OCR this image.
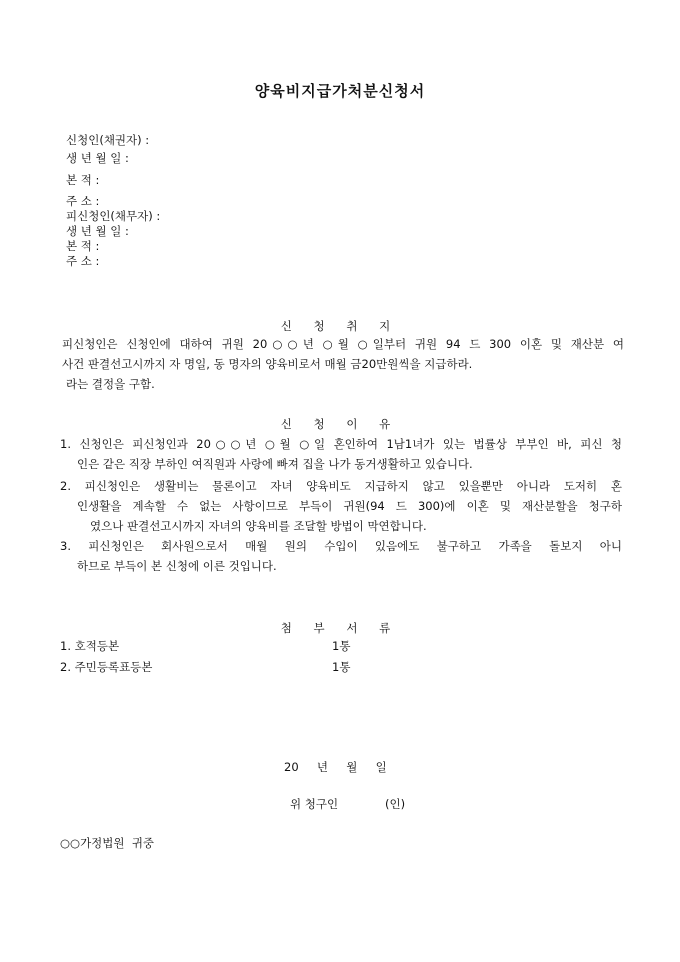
양육비지급가처분신청서
신청인(채권자) :
생 년 월 일 :
본 적 :
주 소 :
피신청인(채무자) :
생 년 월 일 :
본 적 :
주 소 :
신 청 취 지
피신청인은 신청인에 대하여 귀원 20○○년 ○월 ○일부터 귀원 94 드 300 이혼 및 재산분 여
사건 판결선고시까지 자 명일, 동 명자의 양육비로서 매월 금20만원씩을 지급하라.
라는 결정을 구함.
신 청 이 유
1. 신청인은 피신청인과 20○○년 ○월 ○일 혼인하여 1남1녀가 있는 법률상 부부인 바, 피신 청
인은 같은 직장 부하인 여직원과 사랑에 빠져 집을 나가 동거생활하고 있습니다.
2. 피신청인은 생활비는 물론이고 자녀 양육비도 지급하지 않고 있을뿐만 아니라 도저히 혼
인생활을 계속할 수 없는 사항이므로 부득이 귀원(94 드 300)에 이혼 및 재산분할을 청구하
였으나 판결선고시까지 자녀의 양육비를 조달할 방법이 막연합니다.
3. 피신청인은 회사원으로서 매월 원의 수입이 있음에도 불구하고 가족을 돌보지 아니
하므로 부득이 본 신청에 이른 것입니다.
첨 부 서 류
1. 호적등본	1통
2. 주민등록표등본	1통
20     년     월     일
위 청구인	(인)
○○가정법원  귀중
